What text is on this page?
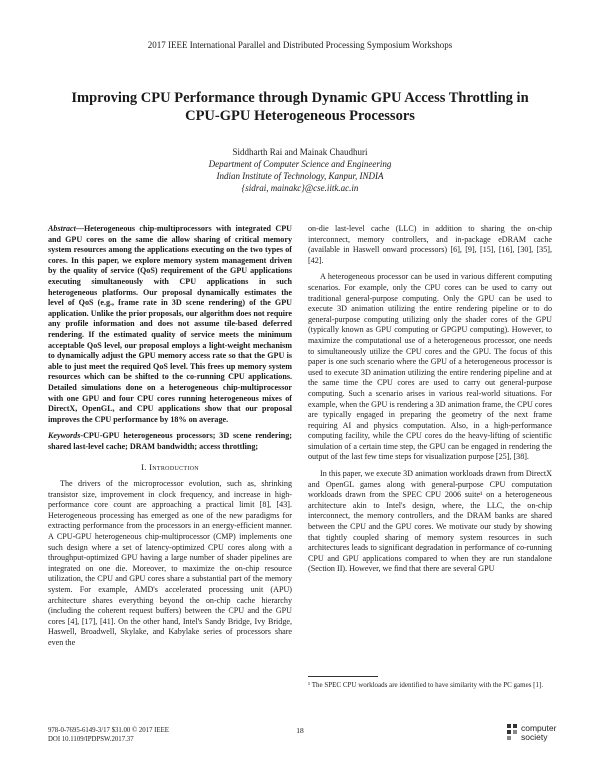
2017 IEEE International Parallel and Distributed Processing Symposium Workshops
Improving CPU Performance through Dynamic GPU Access Throttling in
CPU-GPU Heterogeneous Processors
Siddharth Rai and Mainak Chaudhuri
Department of Computer Science and Engineering
Indian Institute of Technology, Kanpur, INDIA
{sidrai, mainakc}@cse.iitk.ac.in

Abstract—Heterogeneous chip-multiprocessors with integrated CPU and GPU cores on the same die allow sharing of critical memory system resources among the applications executing on the two types of cores. In this paper, we explore memory system management driven by the quality of service (QoS) requirement of the GPU applications executing simultaneously with CPU applications in such heterogeneous platforms. Our proposal dynamically estimates the level of QoS (e.g., frame rate in 3D scene rendering) of the GPU application. Unlike the prior proposals, our algorithm does not require any profile information and does not assume tile-based deferred rendering. If the estimated quality of service meets the minimum acceptable QoS level, our proposal employs a light-weight mechanism to dynamically adjust the GPU memory access rate so that the GPU is able to just meet the required QoS level. This frees up memory system resources which can be shifted to the co-running CPU applications. Detailed simulations done on a heterogeneous chip-multiprocessor with one GPU and four CPU cores running heterogeneous mixes of DirectX, OpenGL, and CPU applications show that our proposal improves the CPU performance by 18% on average.

Keywords-CPU-GPU heterogeneous processors; 3D scene rendering; shared last-level cache; DRAM bandwidth; access throttling;

I. Introduction

The drivers of the microprocessor evolution, such as, shrinking transistor size, improvement in clock frequency, and increase in high-performance core count are approaching a practical limit [8], [43]. Heterogeneous processing has emerged as one of the new paradigms for extracting performance from the processors in an energy-efficient manner. A CPU-GPU heterogeneous chip-multiprocessor (CMP) implements one such design where a set of latency-optimized CPU cores along with a throughput-optimized GPU having a large number of shader pipelines are integrated on one die. Moreover, to maximize the on-chip resource utilization, the CPU and GPU cores share a substantial part of the memory system. For example, AMD's accelerated processing unit (APU) architecture shares everything beyond the on-chip cache hierarchy (including the coherent request buffers) between the CPU and the GPU cores [4], [17], [41]. On the other hand, Intel's Sandy Bridge, Ivy Bridge, Haswell, Broadwell, Skylake, and Kabylake series of processors share even the

on-die last-level cache (LLC) in addition to sharing the on-chip interconnect, memory controllers, and in-package eDRAM cache (available in Haswell onward processors) [6], [9], [15], [16], [30], [35], [42].

A heterogeneous processor can be used in various different computing scenarios. For example, only the CPU cores can be used to carry out traditional general-purpose computing. Only the GPU can be used to execute 3D animation utilizing the entire rendering pipeline or to do general-purpose computing utilizing only the shader cores of the GPU (typically known as GPU computing or GPGPU computing). However, to maximize the computational use of a heterogeneous processor, one needs to simultaneously utilize the CPU cores and the GPU. The focus of this paper is one such scenario where the GPU of a heterogeneous processor is used to execute 3D animation utilizing the entire rendering pipeline and at the same time the CPU cores are used to carry out general-purpose computing. Such a scenario arises in various real-world situations. For example, when the GPU is rendering a 3D animation frame, the CPU cores are typically engaged in preparing the geometry of the next frame requiring AI and physics computation. Also, in a high-performance computing facility, while the CPU cores do the heavy-lifting of scientific simulation of a certain time step, the GPU can be engaged in rendering the output of the last few time steps for visualization purpose [25], [38].

In this paper, we execute 3D animation workloads drawn from DirectX and OpenGL games along with general-purpose CPU computation workloads drawn from the SPEC CPU 2006 suite¹ on a heterogeneous architecture akin to Intel's design, where, the LLC, the on-chip interconnect, the memory controllers, and the DRAM banks are shared between the CPU and the GPU cores. We motivate our study by showing that tightly coupled sharing of memory system resources in such architectures leads to significant degradation in performance of co-running CPU and GPU applications compared to when they are run standalone (Section II). However, we find that there are several GPU

¹ The SPEC CPU workloads are identified to have similarity with the PC games [1].
978-0-7695-6149-3/17 $31.00 © 2017 IEEE
DOI 10.1109/IPDPSW.2017.37
18	computer
society
